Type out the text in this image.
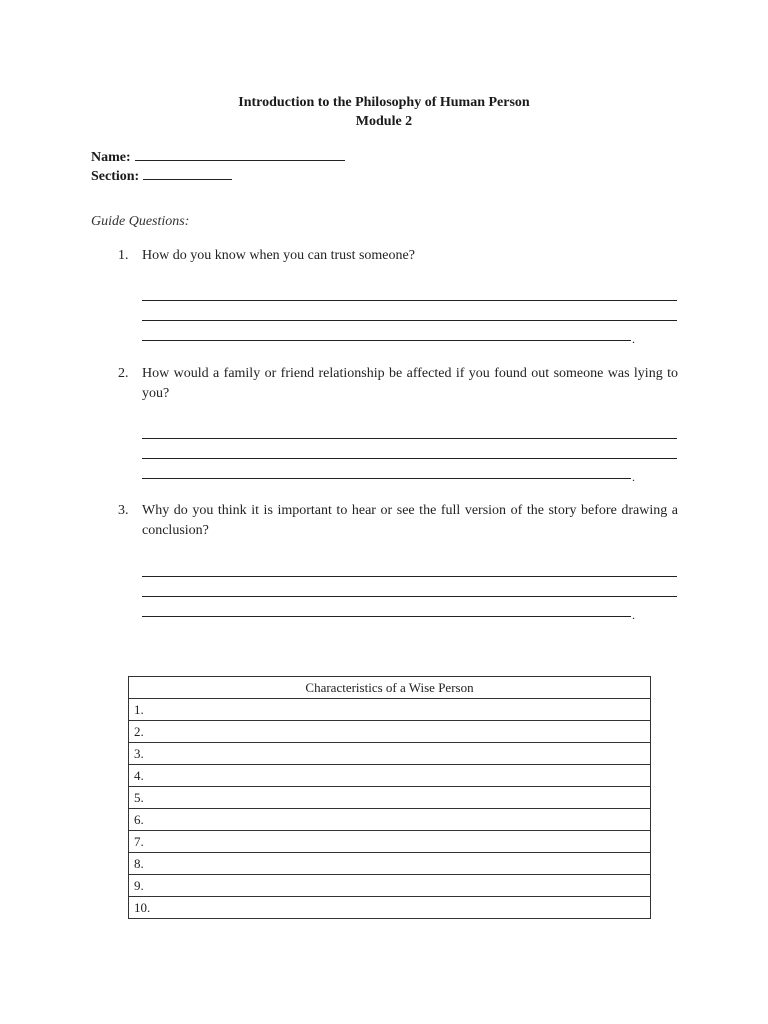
Introduction to the Philosophy of Human Person
Module 2
Name:
Section:
Guide Questions:
1. How do you know when you can trust someone?
.
2. How would a family or friend relationship be affected if you found out someone was lying to you?
.
3. Why do you think it is important to hear or see the full version of the story before drawing a conclusion?
.
Characteristics of a Wise Person
1.
2.
3.
4.
5.
6.
7.
8.
9.
10.
